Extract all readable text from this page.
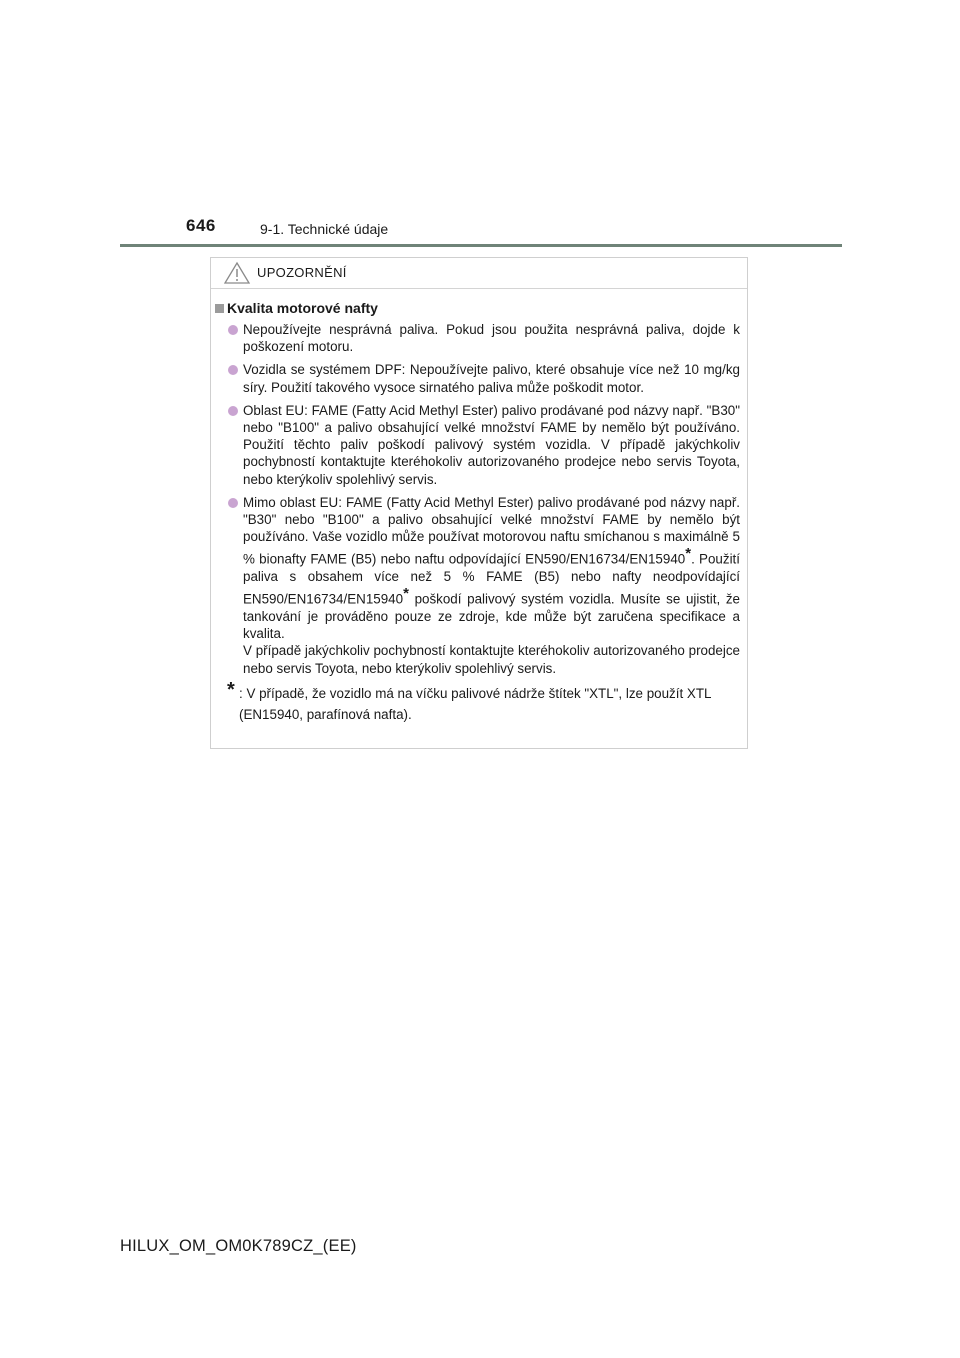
646	9-1. Technické údaje
UPOZORNĚNÍ
Kvalita motorové nafty
Nepoužívejte nesprávná paliva. Pokud jsou použita nesprávná paliva, dojde k poškození motoru.
Vozidla se systémem DPF: Nepoužívejte palivo, které obsahuje více než 10 mg/kg síry. Použití takového vysoce sirnatého paliva může poškodit motor.
Oblast EU: FAME (Fatty Acid Methyl Ester) palivo prodávané pod názvy např. "B30" nebo "B100" a palivo obsahující velké množství FAME by nemělo být používáno. Použití těchto paliv poškodí palivový systém vozidla. V případě jakýchkoliv pochybností kontaktujte kteréhokoliv autorizovaného prodejce nebo servis Toyota, nebo kterýkoliv spolehlivý servis.
Mimo oblast EU: FAME (Fatty Acid Methyl Ester) palivo prodávané pod názvy např. "B30" nebo "B100" a palivo obsahující velké množství FAME by nemělo být používáno. Vaše vozidlo může používat motorovou naftu smíchanou s maximálně 5 % bionafty FAME (B5) nebo naftu odpovídající EN590/EN16734/EN15940*. Použití paliva s obsahem více než 5 % FAME (B5) nebo nafty neodpovídající EN590/EN16734/EN15940* poškodí palivový systém vozidla. Musíte se ujistit, že tankování je prováděno pouze ze zdroje, kde může být zaručena specifikace a kvalita.
V případě jakýchkoliv pochybností kontaktujte kteréhokoliv autorizovaného prodejce nebo servis Toyota, nebo kterýkoliv spolehlivý servis.
* : V případě, že vozidlo má na víčku palivové nádrže štítek "XTL", lze použít XTL (EN15940, parafínová nafta).
HILUX_OM_OM0K789CZ_(EE)
